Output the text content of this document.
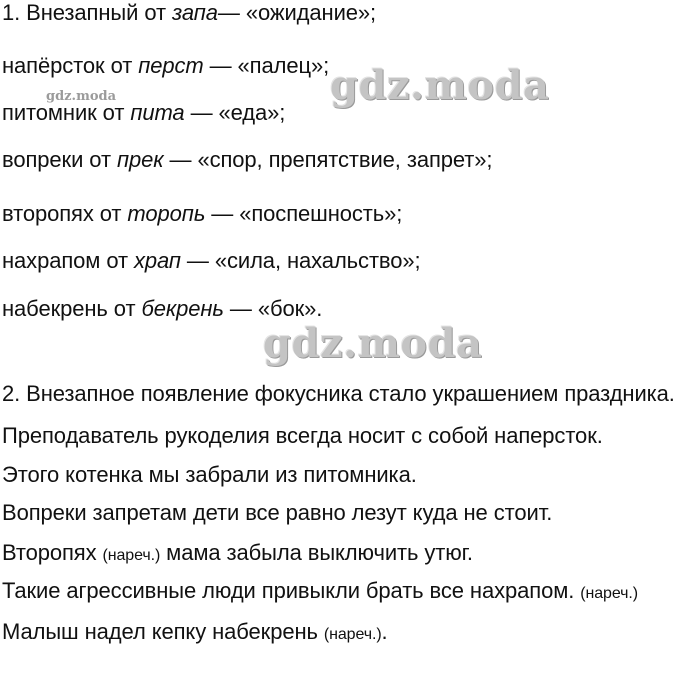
1. Внезапный от запа— «ожидание»;
напёрсток от перст — «палец»;
питомник от пита — «еда»;
вопреки от прек — «спор, препятствие, запрет»;
второпях от торопь — «поспешность»;
нахрапом от храп — «сила, нахальство»;
набекрень от бекрень — «бок».
2. Внезапное появление фокусника стало украшением праздника.
Преподаватель рукоделия всегда носит с собой наперсток.
Этого котенка мы забрали из питомника.
Вопреки запретам дети все равно лезут куда не стоит.
Второпях (нареч.) мама забыла выключить утюг.
Такие агрессивные люди привыкли брать все нахрапом. (нареч.)
Малыш надел кепку набекрень (нареч.).
gdz.moda
gdz.moda
gdz.moda
